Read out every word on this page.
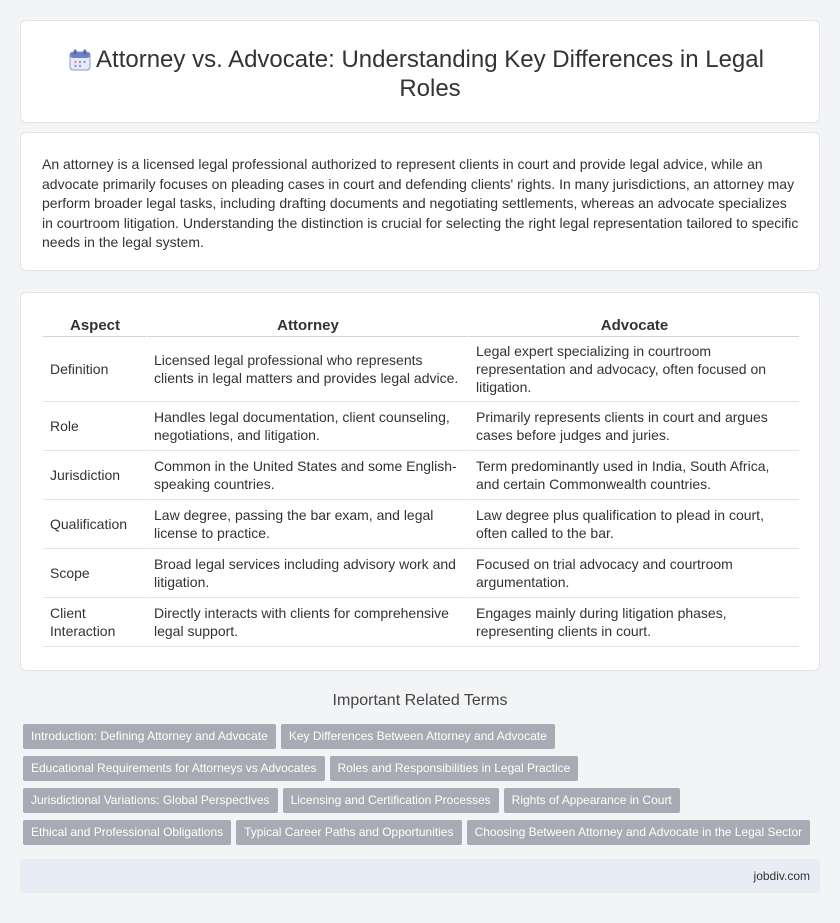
Attorney vs. Advocate: Understanding Key Differences in Legal Roles

An attorney is a licensed legal professional authorized to represent clients in court and provide legal advice, while an advocate primarily focuses on pleading cases in court and defending clients' rights. In many jurisdictions, an attorney may perform broader legal tasks, including drafting documents and negotiating settlements, whereas an advocate specializes in courtroom litigation. Understanding the distinction is crucial for selecting the right legal representation tailored to specific needs in the legal system.

Aspect	Attorney	Advocate
Definition	Licensed legal professional who represents clients in legal matters and provides legal advice.	Legal expert specializing in courtroom representation and advocacy, often focused on litigation.
Role	Handles legal documentation, client counseling, negotiations, and litigation.	Primarily represents clients in court and argues cases before judges and juries.
Jurisdiction	Common in the United States and some English-speaking countries.	Term predominantly used in India, South Africa, and certain Commonwealth countries.
Qualification	Law degree, passing the bar exam, and legal license to practice.	Law degree plus qualification to plead in court, often called to the bar.
Scope	Broad legal services including advisory work and litigation.	Focused on trial advocacy and courtroom argumentation.
Client Interaction	Directly interacts with clients for comprehensive legal support.	Engages mainly during litigation phases, representing clients in court.
Important Related Terms
Introduction: Defining Attorney and Advocate Key Differences Between Attorney and Advocate
Educational Requirements for Attorneys vs Advocates Roles and Responsibilities in Legal Practice
Jurisdictional Variations: Global Perspectives Licensing and Certification Processes Rights of Appearance in Court
Ethical and Professional Obligations Typical Career Paths and Opportunities Choosing Between Attorney and Advocate in the Legal Sector
jobdiv.com
